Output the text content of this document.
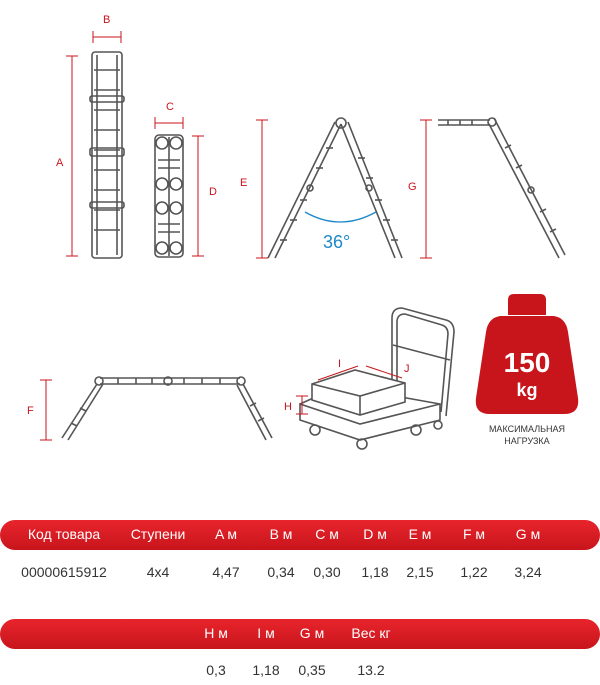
A
B
C
D
36°
E	G
F
I	J
H
150
kg
МАКСИМАЛЬНАЯ
НАГРУЗКА
Код товара Ступени A м B м C м D м E м F м G м
00000615912	4x4	4,47 0,34 0,30 1,18 2,15 1,22 3,24
H м I м G м Вес кг
0,3 1,18 0,35 13.2
